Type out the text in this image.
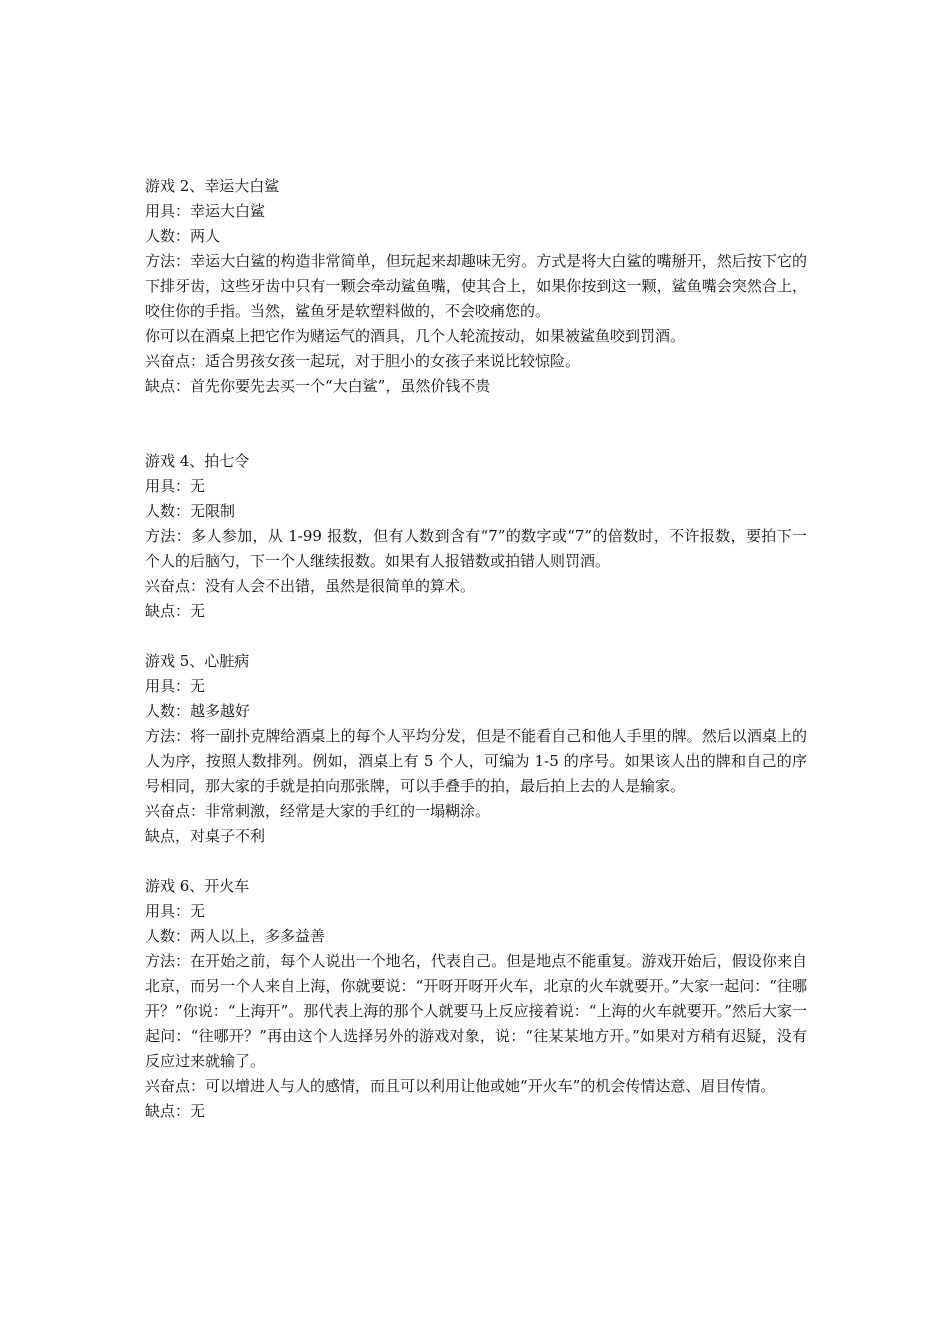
游戏 2、幸运大白鲨

用具：幸运大白鲨

人数：两人

方法：幸运大白鲨的构造非常简单，但玩起来却趣味无穷。方式是将大白鲨的嘴掰开，然后按下它的下排牙齿，这些牙齿中只有一颗会牵动鲨鱼嘴，使其合上，如果你按到这一颗，鲨鱼嘴会突然合上，咬住你的手指。当然，鲨鱼牙是软塑料做的，不会咬痛您的。

你可以在酒桌上把它作为赌运气的酒具，几个人轮流按动，如果被鲨鱼咬到罚酒。

兴奋点：适合男孩女孩一起玩，对于胆小的女孩子来说比较惊险。

缺点：首先你要先去买一个“大白鲨”，虽然价钱不贵

游戏 4、拍七令

用具：无

人数：无限制

方法：多人参加，从 1-99 报数，但有人数到含有“7”的数字或“7”的倍数时，不许报数，要拍下一个人的后脑勺，下一个人继续报数。如果有人报错数或拍错人则罚酒。

兴奋点：没有人会不出错，虽然是很简单的算术。

缺点：无

游戏 5、心脏病

用具：无

人数：越多越好

方法：将一副扑克牌给酒桌上的每个人平均分发，但是不能看自己和他人手里的牌。然后以酒桌上的人为序，按照人数排列。例如，酒桌上有 5 个人，可编为 1-5 的序号。如果该人出的牌和自己的序号相同，那大家的手就是拍向那张牌，可以手叠手的拍，最后拍上去的人是输家。

兴奋点：非常刺激，经常是大家的手红的一塌糊涂。

缺点，对桌子不利

游戏 6、开火车

用具：无

人数：两人以上，多多益善

方法：在开始之前，每个人说出一个地名，代表自己。但是地点不能重复。游戏开始后，假设你来自北京，而另一个人来自上海，你就要说：“开呀开呀开火车，北京的火车就要开。”大家一起问：“往哪开？”你说：“上海开”。那代表上海的那个人就要马上反应接着说：“上海的火车就要开。”然后大家一起问：“往哪开？”再由这个人选择另外的游戏对象，说：“往某某地方开。”如果对方稍有迟疑，没有反应过来就输了。

兴奋点：可以增进人与人的感情，而且可以利用让他或她“开火车”的机会传情达意、眉目传情。

缺点：无
